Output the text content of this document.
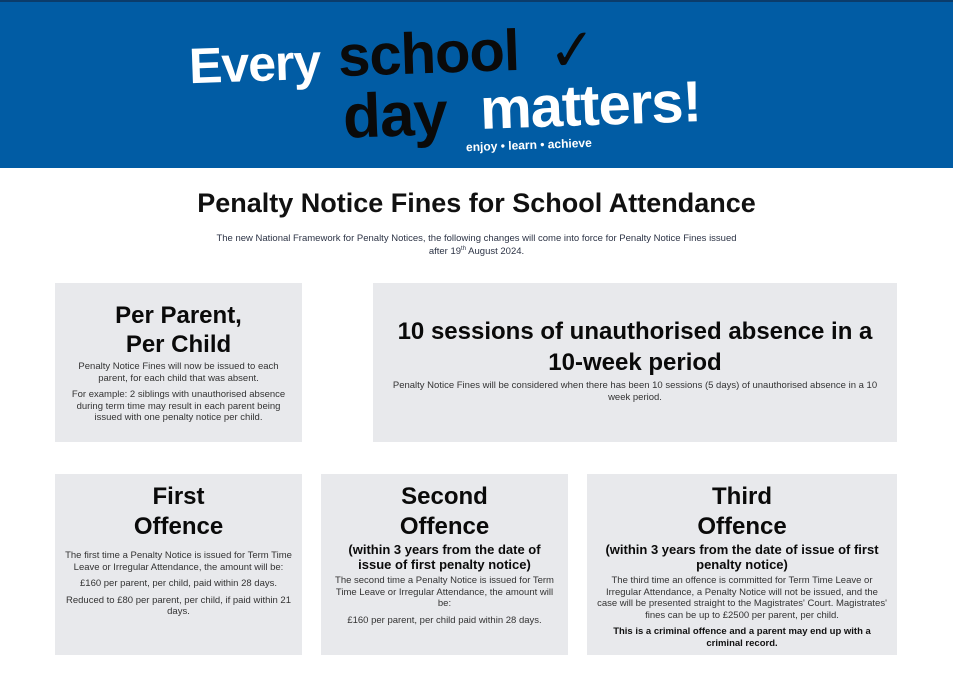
Every school ✓
day matters!
enjoy • learn • achieve
Penalty Notice Fines for School Attendance
The new National Framework for Penalty Notices, the following changes will come into force for Penalty Notice Fines issued
after 19th August 2024.
Per Parent,
Per Child

Penalty Notice Fines will now be issued to each parent, for each child that was absent.

For example: 2 siblings with unauthorised absence during term time may result in each parent being issued with one penalty notice per child.

10 sessions of unauthorised absence in a
10-week period

Penalty Notice Fines will be considered when there has been 10 sessions (5 days) of unauthorised absence in a 10 week period.

First
Offence

The first time a Penalty Notice is issued for Term Time Leave or Irregular Attendance, the amount will be:

£160 per parent, per child, paid within 28 days.

Reduced to £80 per parent, per child, if paid within 21 days.

Second
Offence
(within 3 years from the date of issue of first penalty notice)

The second time a Penalty Notice is issued for Term Time Leave or Irregular Attendance, the amount will be:

£160 per parent, per child paid within 28 days.

Third
Offence
(within 3 years from the date of issue of first penalty notice)

The third time an offence is committed for Term Time Leave or Irregular Attendance, a Penalty Notice will not be issued, and the case will be presented straight to the Magistrates' Court. Magistrates' fines can be up to £2500 per parent, per child.

This is a criminal offence and a parent may end up with a criminal record.
